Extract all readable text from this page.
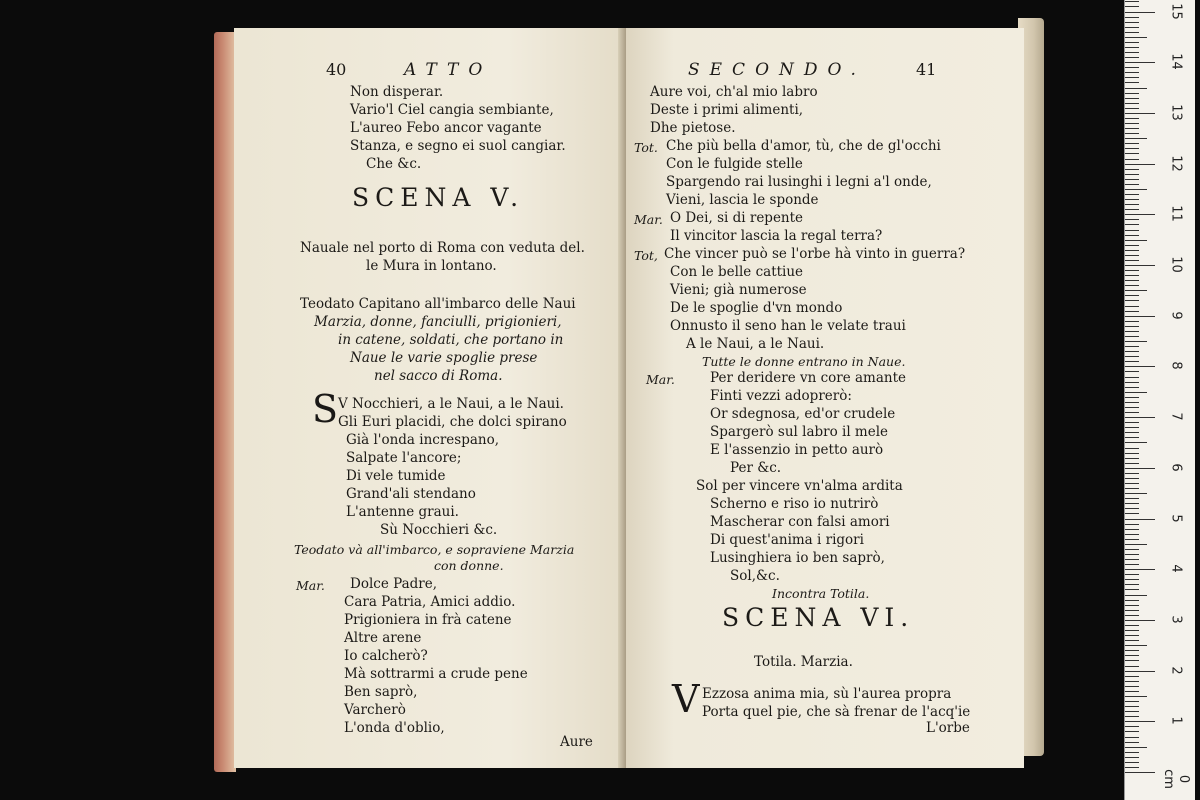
40	ATTO
Non disperar.
Vario'l Ciel cangia sembiante,
L'aureo Febo ancor vagante
Stanza, e segno ei suol cangiar.
Che &c.
SCENA V.
Nauale nel porto di Roma con veduta del.
le Mura in lontano.
Teodato Capitano all'imbarco delle Naui
Marzia, donne, fanciulli, prigionieri,
in catene, soldati, che portano in
Naue le varie spoglie prese
nel sacco di Roma.
S V Nocchieri, a le Naui, a le Naui.
Gli Euri placidi, che dolci spirano
Già l'onda increspano,
Salpate l'ancore;
Di vele tumide
Grand'ali stendano
L'antenne graui.
Sù Nocchieri &c.
Teodato và all'imbarco, e sopraviene Marzia
con donne.
Mar. Dolce Padre,
Cara Patria, Amici addio.
Prigioniera in frà catene
Altre arene
Io calcherò?
Mà sottrarmi a crude pene
Ben saprò,
Varcherò
L'onda d'oblio,
Aure
SECONDO.	41
Aure voi, ch'al mio labro
Deste i primi alimenti,
Dhe pietose.
Tot. Che più bella d'amor, tù, che de gl'occhi
Con le fulgide stelle
Spargendo rai lusinghi i legni a'l onde,
Vieni, lascia le sponde
Mar. O Dei, si di repente
Il vincitor lascia la regal terra?
Tot, Che vincer può se l'orbe hà vinto in guerra?
Con le belle cattiue
Vieni; già numerose
De le spoglie d'vn mondo
Onnusto il seno han le velate traui
A le Naui, a le Naui.
Tutte le donne entrano in Naue.
Mar.	Per deridere vn core amante
Finti vezzi adoprerò:
Or sdegnosa, ed'or crudele
Spargerò sul labro il mele
E l'assenzio in petto aurò
Per &c.
Sol per vincere vn'alma ardita
Scherno e riso io nutrirò
Mascherar con falsi amori
Di quest'anima i rigori
Lusinghiera io ben saprò,
Sol,&c.
Incontra Totila.
SCENA VI.
Totila. Marzia.
V Ezzosa anima mia, sù l'aurea propra
Porta quel pie, che sà frenar de l'acq'ie
L'orbe
0 cm
1
2
3
4
5
6
7
8
9
10
11
12
13
14
15
